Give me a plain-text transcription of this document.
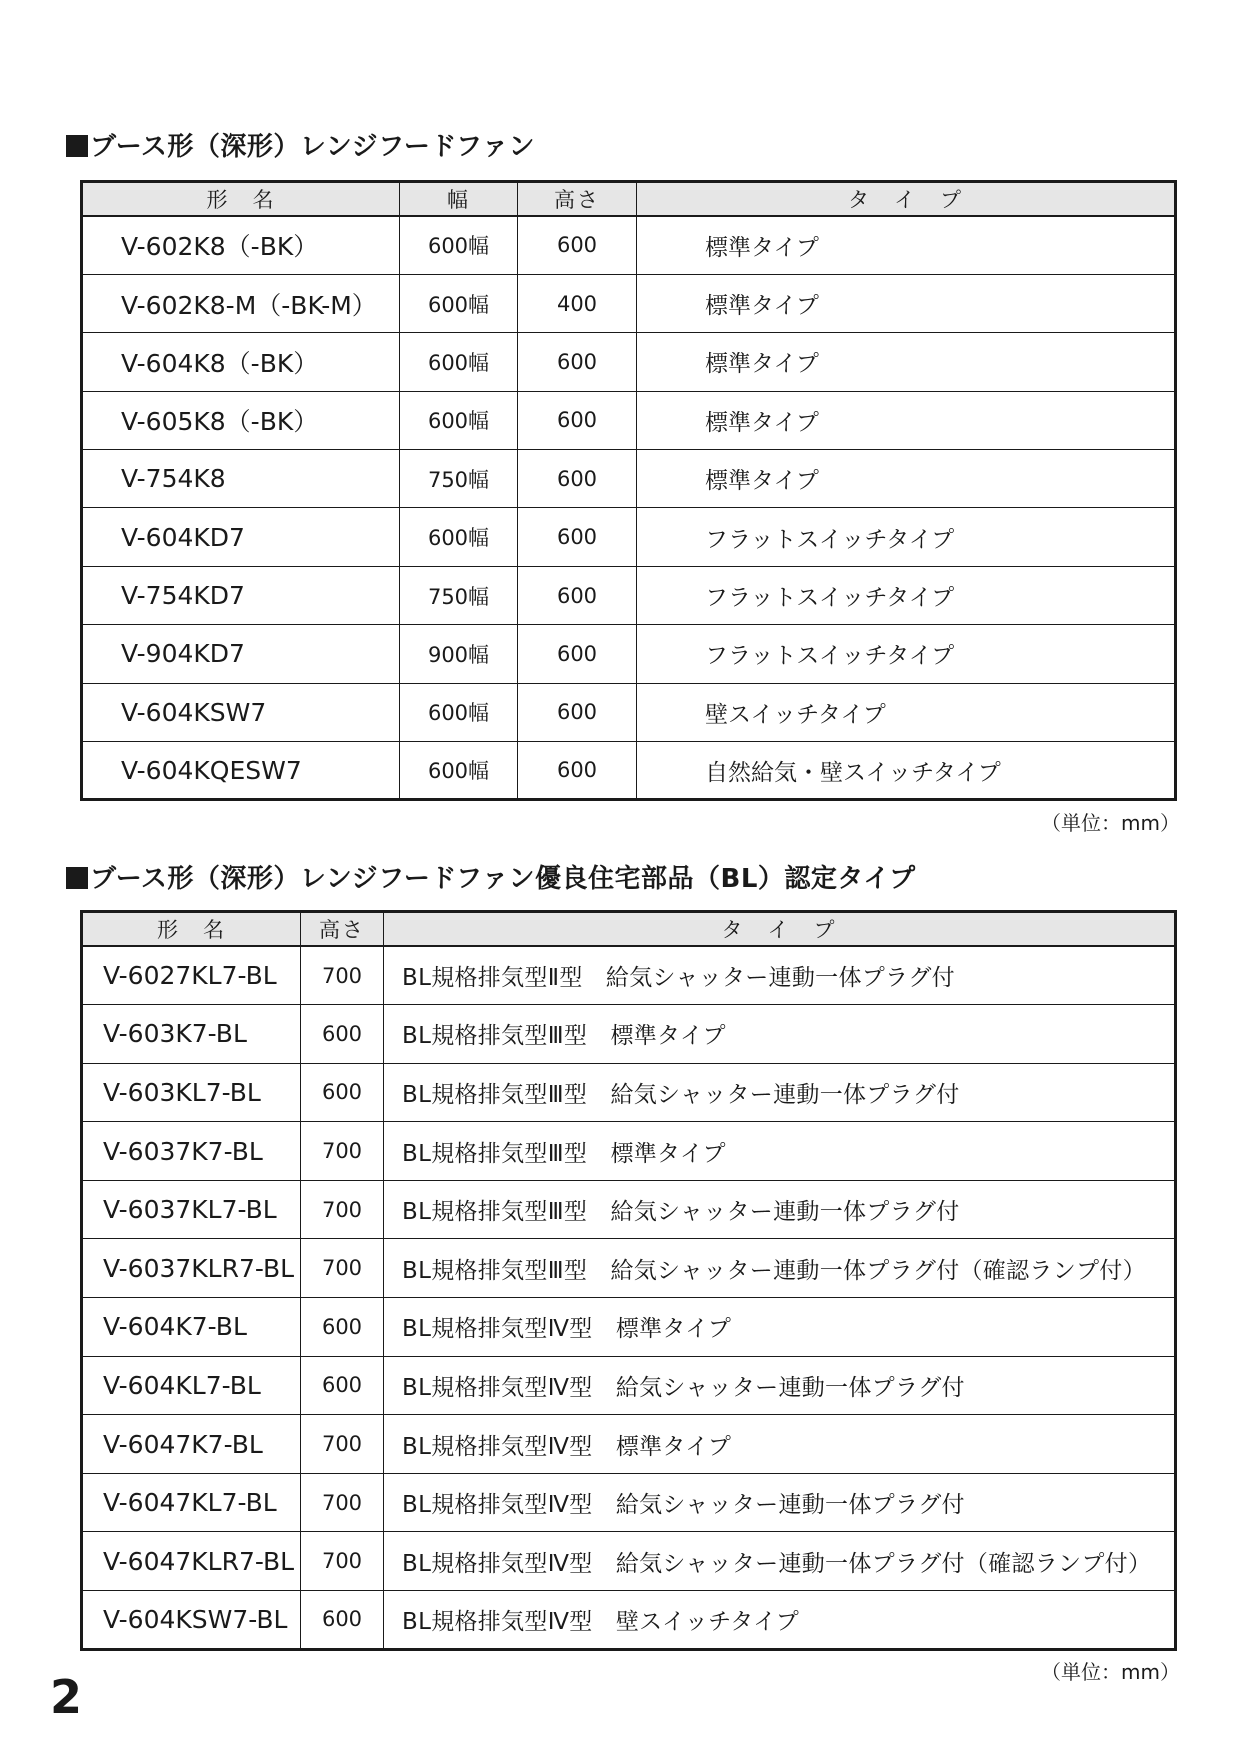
ブース形（深形）レンジフードファン
形　名	幅	高さ	タ　イ　プ
V-602K8（-BK）	600幅	600	標準タイプ
V-602K8-M（-BK-M）	600幅	400	標準タイプ
V-604K8（-BK）	600幅	600	標準タイプ
V-605K8（-BK）	600幅	600	標準タイプ
V-754K8	750幅	600	標準タイプ
V-604KD7	600幅	600	フラットスイッチタイプ
V-754KD7	750幅	600	フラットスイッチタイプ
V-904KD7	900幅	600	フラットスイッチタイプ
V-604KSW7	600幅	600	壁スイッチタイプ
V-604KQESW7	600幅	600	自然給気・壁スイッチタイプ
（単位：mm）
ブース形（深形）レンジフードファン優良住宅部品（BL）認定タイプ
形　名	高さ	タ　イ　プ
V-6027KL7-BL	700	BL規格排気型Ⅱ型　給気シャッター連動一体プラグ付
V-603K7-BL	600	BL規格排気型Ⅲ型　標準タイプ
V-603KL7-BL	600	BL規格排気型Ⅲ型　給気シャッター連動一体プラグ付
V-6037K7-BL	700	BL規格排気型Ⅲ型　標準タイプ
V-6037KL7-BL	700	BL規格排気型Ⅲ型　給気シャッター連動一体プラグ付
V-6037KLR7-BL	700	BL規格排気型Ⅲ型　給気シャッター連動一体プラグ付（確認ランプ付）
V-604K7-BL	600	BL規格排気型Ⅳ型　標準タイプ
V-604KL7-BL	600	BL規格排気型Ⅳ型　給気シャッター連動一体プラグ付
V-6047K7-BL	700	BL規格排気型Ⅳ型　標準タイプ
V-6047KL7-BL	700	BL規格排気型Ⅳ型　給気シャッター連動一体プラグ付
V-6047KLR7-BL	700	BL規格排気型Ⅳ型　給気シャッター連動一体プラグ付（確認ランプ付）
V-604KSW7-BL	600	BL規格排気型Ⅳ型　壁スイッチタイプ
（単位：mm）
2
